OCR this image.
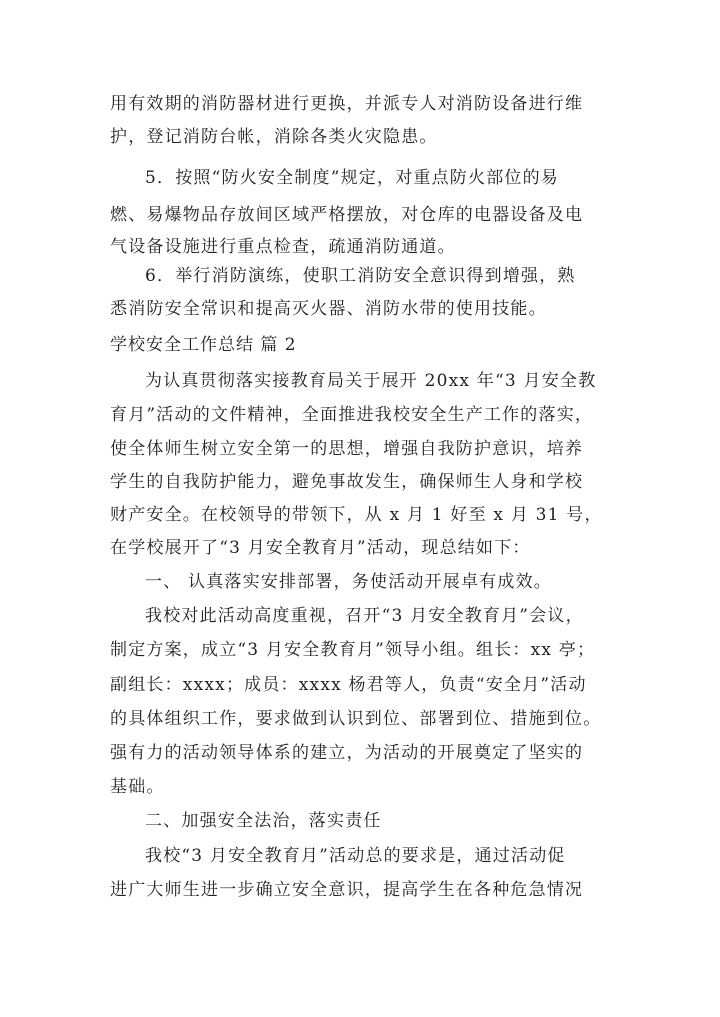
用有效期的消防器材进行更换，并派专人对消防设备进行维
护，登记消防台帐，消除各类火灾隐患。
5．按照“防火安全制度”规定，对重点防火部位的易
燃、易爆物品存放间区域严格摆放，对仓库的电器设备及电
气设备设施进行重点检查，疏通消防通道。
6．举行消防演练，使职工消防安全意识得到增强，熟
悉消防安全常识和提高灭火器、消防水带的使用技能。
学校安全工作总结 篇 2
为认真贯彻落实接教育局关于展开 20xx 年“3 月安全教
育月”活动的文件精神，全面推进我校安全生产工作的落实，
使全体师生树立安全第一的思想，增强自我防护意识，培养
学生的自我防护能力，避免事故发生，确保师生人身和学校
财产安全。在校领导的带领下，从 x 月 1 好至 x 月 31 号，
在学校展开了“3 月安全教育月”活动，现总结如下：
一、 认真落实安排部署，务使活动开展卓有成效。
我校对此活动高度重视，召开“3 月安全教育月”会议，
制定方案，成立“3 月安全教育月”领导小组。组长：xx 亭；
副组长：xxxx；成员：xxxx 杨君等人，负责“安全月”活动
的具体组织工作，要求做到认识到位、部署到位、措施到位。
强有力的活动领导体系的建立，为活动的开展奠定了坚实的
基础。
二、加强安全法治，落实责任
我校“3 月安全教育月”活动总的要求是，通过活动促
进广大师生进一步确立安全意识，提高学生在各种危急情况
